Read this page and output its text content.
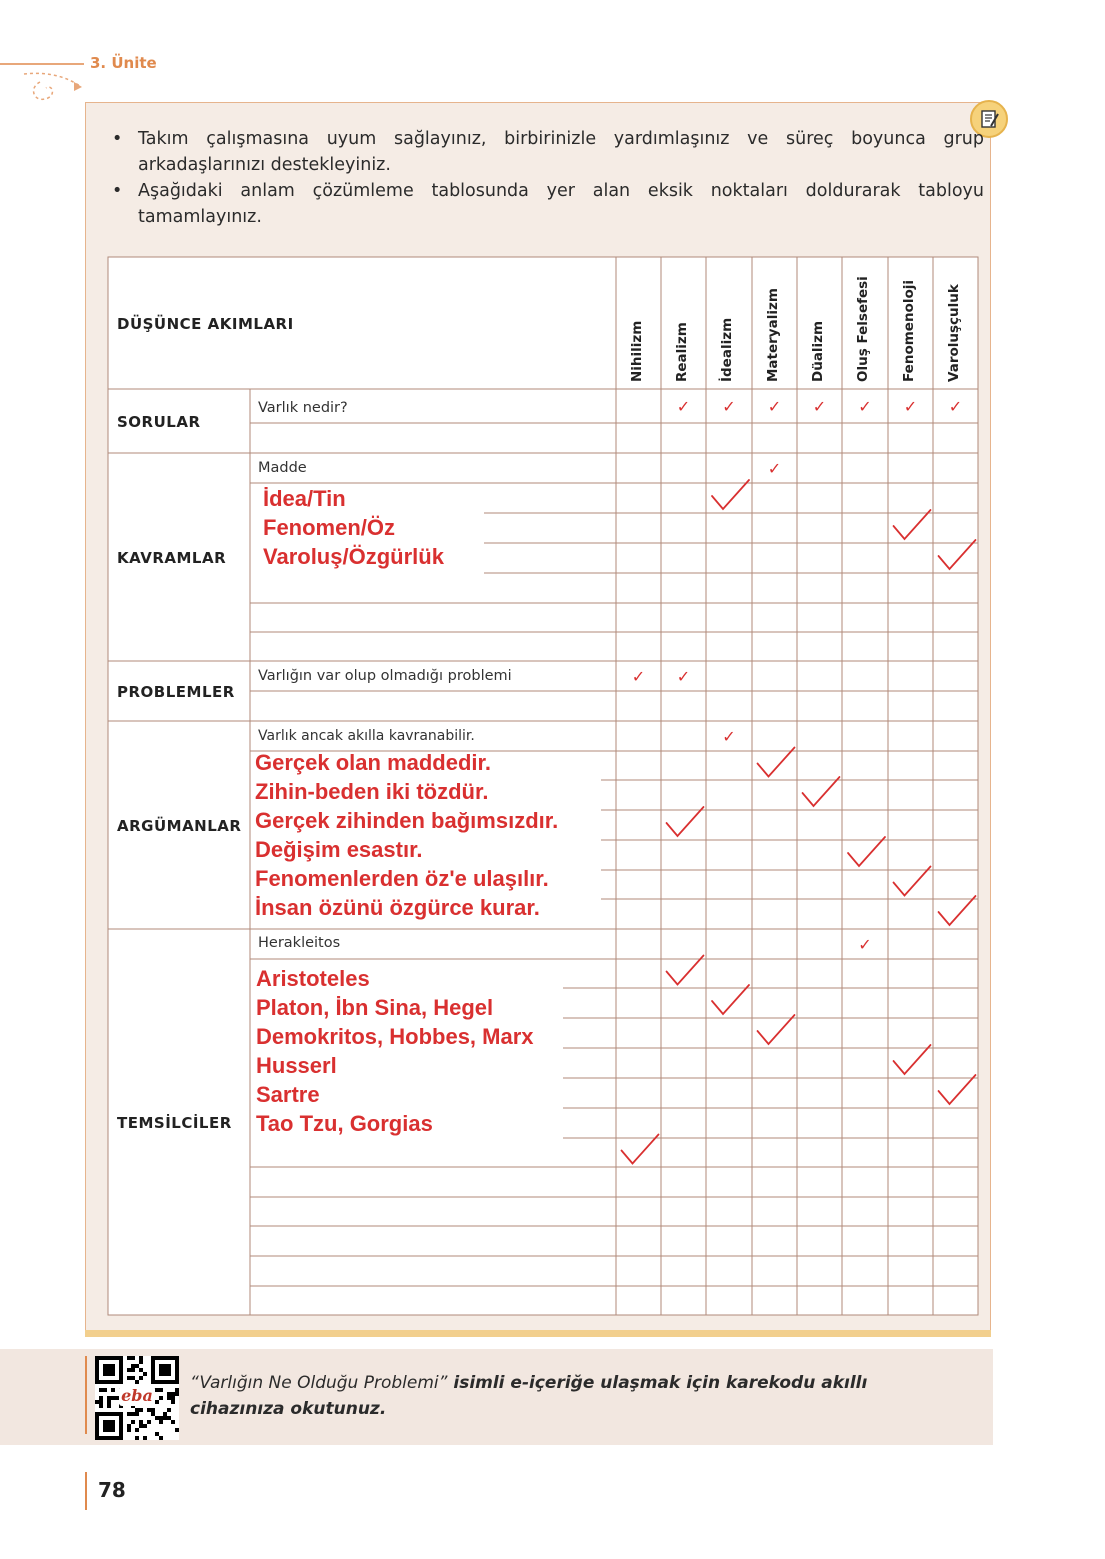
3. Ünite
• Takım çalışmasına uyum sağlayınız, birbirinizle yardımlaşınız ve süreç boyunca grup arkadaşlarınızı destekleyiniz.
• Aşağıdaki anlam çözümleme tablosunda yer alan eksik noktaları doldurarak tabloyu tamamlayınız.
✓ ✓ ✓ ✓ ✓ ✓ ✓
✓
✓ ✓
✓
✓
DÜŞÜNCE AKIMLARI	Nihilizm Realizm İdealizm Materyalizm Düalizm Oluş Felsefesi Fenomenoloji Varoluşçuluk
SORULAR
KAVRAMLAR
PROBLEMLER
ARGÜMANLAR
TEMSİLCİLER
Varlık nedir?
Madde
Varlığın var olup olmadığı problemi
Varlık ancak akılla kavranabilir.
Herakleitos
İdea/Tin
Fenomen/Öz
Varoluş/Özgürlük
Gerçek olan maddedir.
Zihin-beden iki tözdür.
Gerçek zihinden bağımsızdır.
Değişim esastır.
Fenomenlerden öz'e ulaşılır.
İnsan özünü özgürce kurar.
Aristoteles
Platon, İbn Sina, Hegel
Demokritos, Hobbes, Marx
Husserl
Sartre
Tao Tzu, Gorgias
eba
“Varlığın Ne Olduğu Problemi” isimli e-içeriğe ulaşmak için karekodu akıllı cihazınıza okutunuz.
78
